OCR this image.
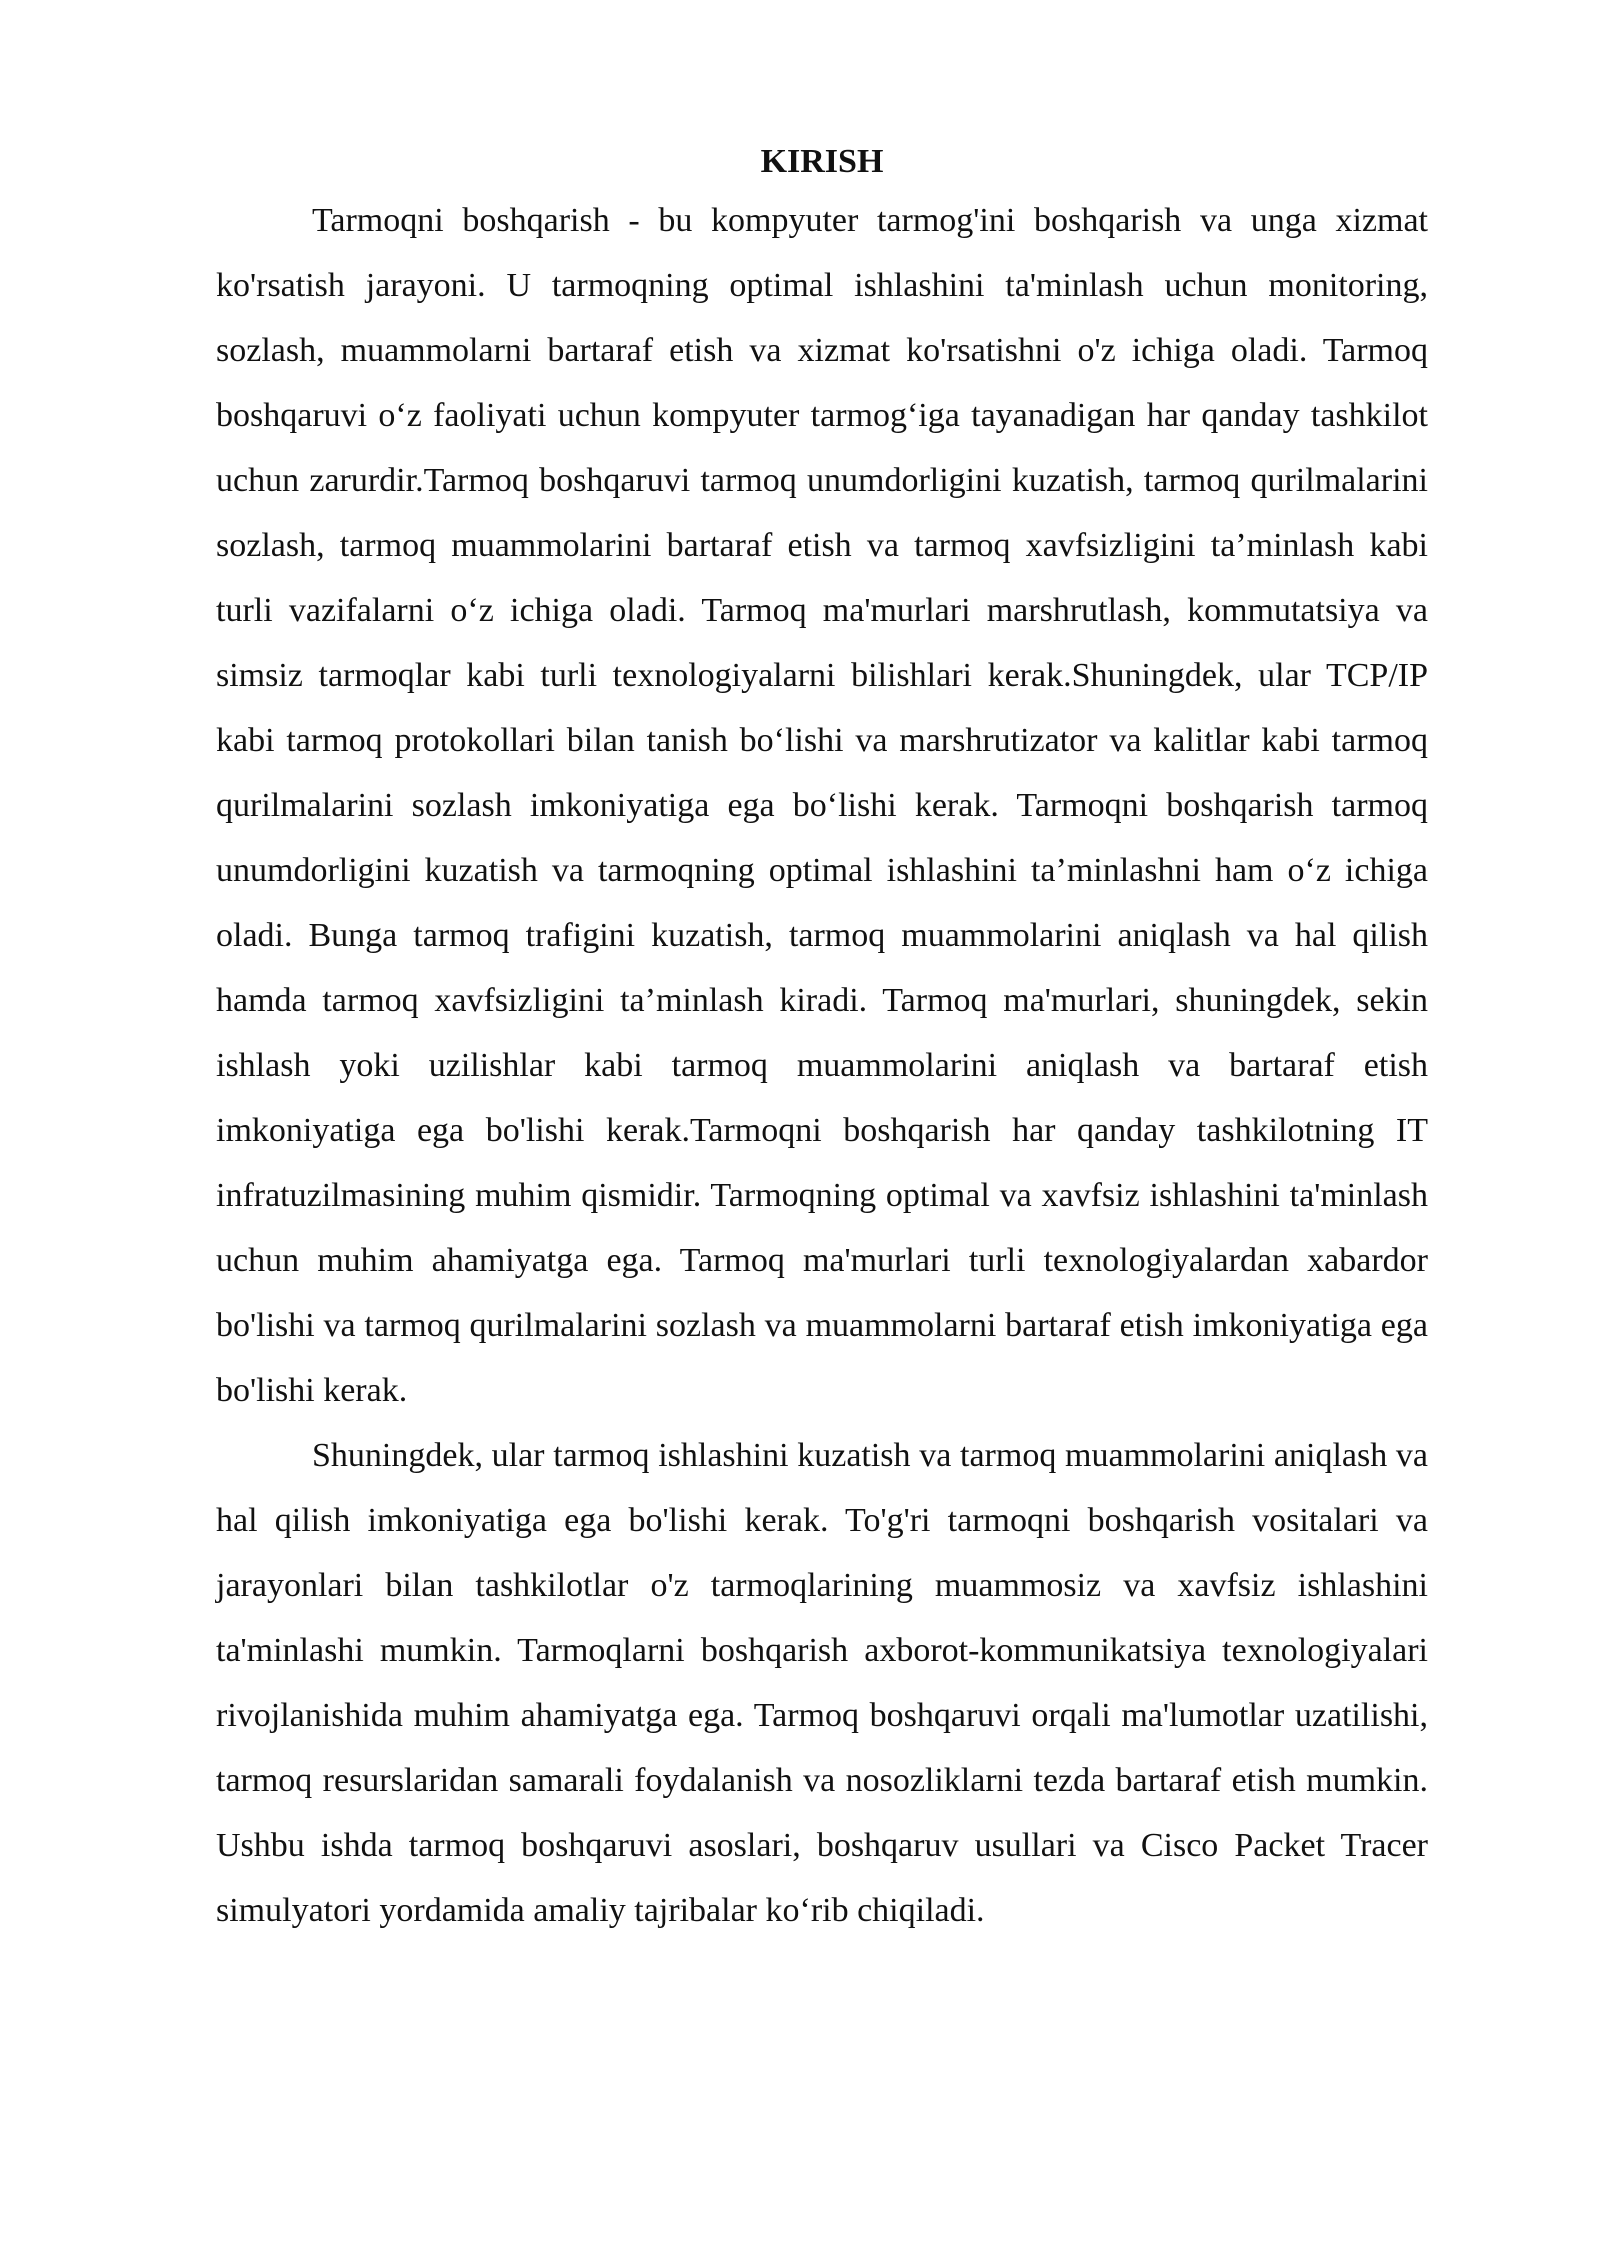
KIRISH

Tarmoqni boshqarish - bu kompyuter tarmog'ini boshqarish va unga xizmat ko'rsatish jarayoni. U tarmoqning optimal ishlashini ta'minlash uchun monitoring, sozlash, muammolarni bartaraf etish va xizmat ko'rsatishni o'z ichiga oladi. Tarmoq boshqaruvi o‘z faoliyati uchun kompyuter tarmog‘iga tayanadigan har qanday tashkilot uchun zarurdir.Tarmoq boshqaruvi tarmoq unumdorligini kuzatish, tarmoq qurilmalarini sozlash, tarmoq muammolarini bartaraf etish va tarmoq xavfsizligini ta’minlash kabi turli vazifalarni o‘z ichiga oladi. Tarmoq ma'murlari marshrutlash, kommutatsiya va simsiz tarmoqlar kabi turli texnologiyalarni bilishlari kerak.Shuningdek, ular TCP/IP kabi tarmoq protokollari bilan tanish bo‘lishi va marshrutizator va kalitlar kabi tarmoq qurilmalarini sozlash imkoniyatiga ega bo‘lishi kerak. Tarmoqni boshqarish tarmoq unumdorligini kuzatish va tarmoqning optimal ishlashini ta’minlashni ham o‘z ichiga oladi. Bunga tarmoq trafigini kuzatish, tarmoq muammolarini aniqlash va hal qilish hamda tarmoq xavfsizligini ta’minlash kiradi. Tarmoq ma'murlari, shuningdek, sekin ishlash yoki uzilishlar kabi tarmoq muammolarini aniqlash va bartaraf etish imkoniyatiga ega bo'lishi kerak.Tarmoqni boshqarish har qanday tashkilotning IT infratuzilmasining muhim qismidir. Tarmoqning optimal va xavfsiz ishlashini ta'minlash uchun muhim ahamiyatga ega. Tarmoq ma'murlari turli texnologiyalardan xabardor bo'lishi va tarmoq qurilmalarini sozlash va muammolarni bartaraf etish imkoniyatiga ega bo'lishi kerak.

Shuningdek, ular tarmoq ishlashini kuzatish va tarmoq muammolarini aniqlash va hal qilish imkoniyatiga ega bo'lishi kerak. To'g'ri tarmoqni boshqarish vositalari va jarayonlari bilan tashkilotlar o'z tarmoqlarining muammosiz va xavfsiz ishlashini ta'minlashi mumkin. Tarmoqlarni boshqarish axborot-kommunikatsiya texnologiyalari rivojlanishida muhim ahamiyatga ega. Tarmoq boshqaruvi orqali ma'lumotlar uzatilishi, tarmoq resurslaridan samarali foydalanish va nosozliklarni tezda bartaraf etish mumkin. Ushbu ishda tarmoq boshqaruvi asoslari, boshqaruv usullari va Cisco Packet Tracer simulyatori yordamida amaliy tajribalar ko‘rib chiqiladi.
